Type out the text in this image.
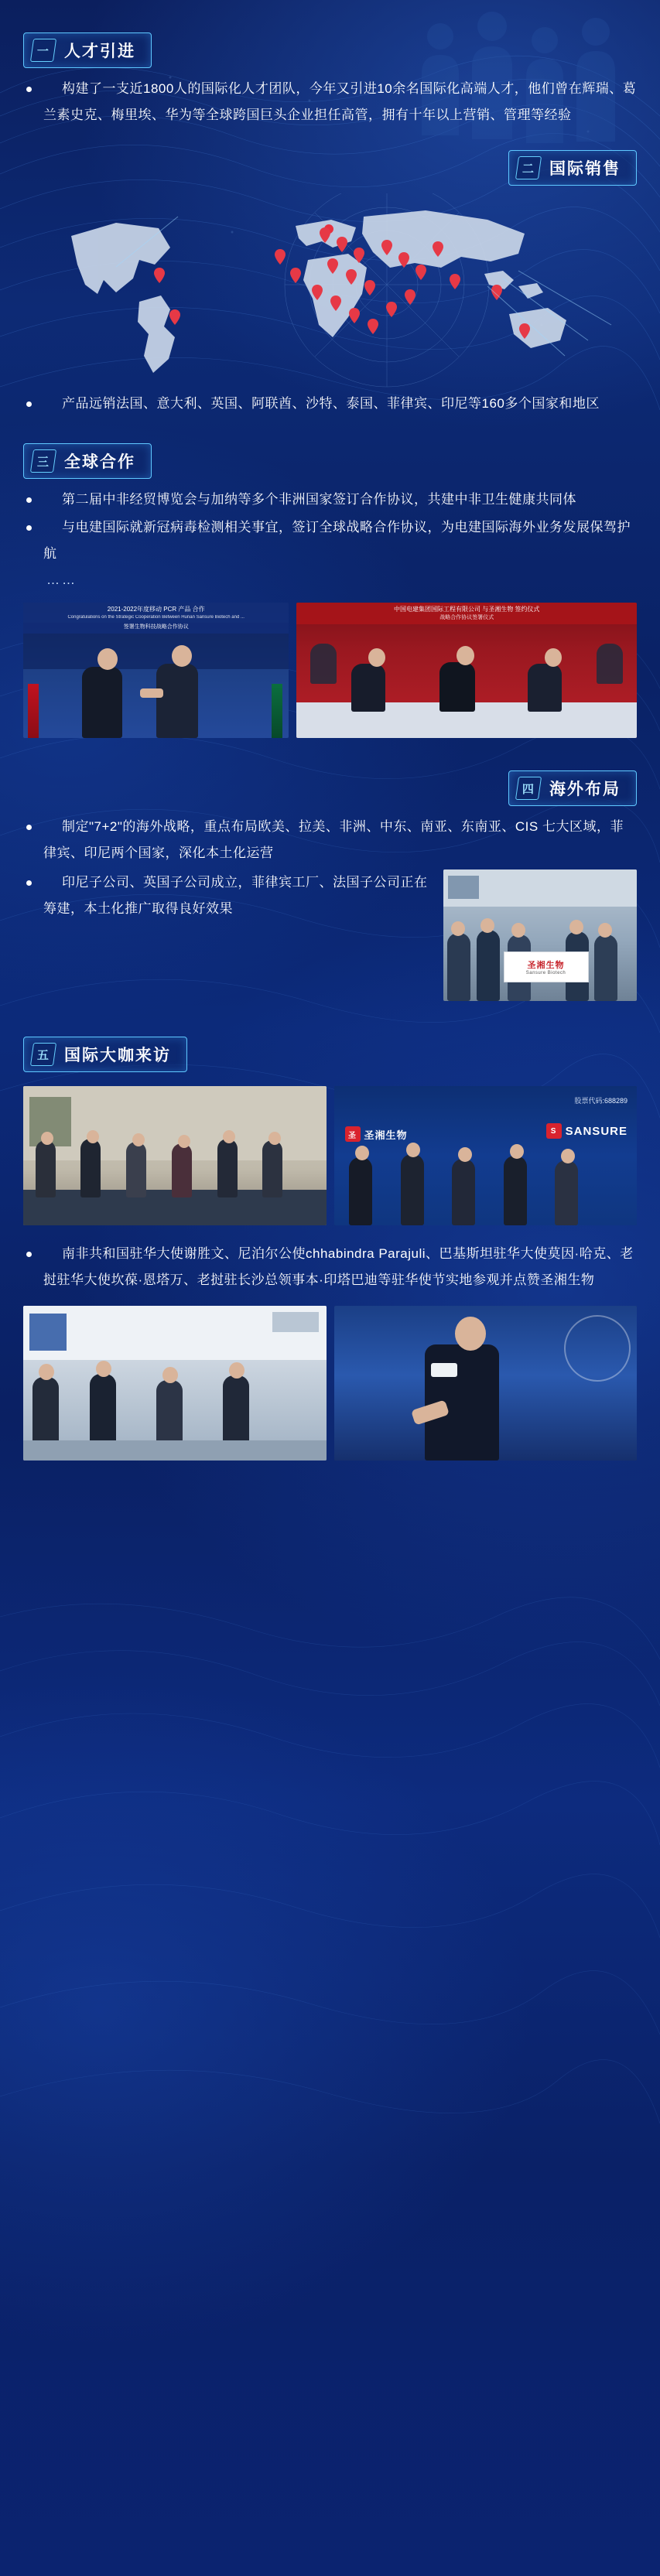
一 人才引进
构建了一支近1800人的国际化人才团队，今年又引进10余名国际化高端人才，他们曾在辉瑞、葛兰素史克、梅里埃、华为等全球跨国巨头企业担任高管，拥有十年以上营销、管理等经验
二 国际销售
产品远销法国、意大利、英国、阿联酋、沙特、泰国、菲律宾、印尼等160多个国家和地区
三 全球合作
第二届中非经贸博览会与加纳等多个非洲国家签订合作协议，共建中非卫生健康共同体
与电建国际就新冠病毒检测相关事宜，签订全球战略合作协议，为电建国际海外业务发展保驾护航
……
2021-2022年度移动 PCR 产品 合作
Congratulations on the Strategic Cooperation Between Hunan Sansure Biotech and ...
签署生物科技战略合作协议
中国电建集团国际工程有限公司 与圣湘生物 签约仪式
战略合作协议签署仪式
四 海外布局
制定"7+2"的海外战略，重点布局欧美、拉美、非洲、中东、南亚、东南亚、CIS 七大区域，菲律宾、印尼两个国家，深化本土化运营
印尼子公司、英国子公司成立，菲律宾工厂、法国子公司正在筹建，本土化推广取得良好效果
圣湘生物
Sansure Biotech
五 国际大咖来访
圣 圣湘生物	S SANSURE
股票代码:688289
南非共和国驻华大使谢胜文、尼泊尔公使chhabindra Parajuli、巴基斯坦驻华大使莫因·哈克、老挝驻华大使坎葆·恩塔万、老挝驻长沙总领事本·印塔巴迪等驻华使节实地参观并点赞圣湘生物
